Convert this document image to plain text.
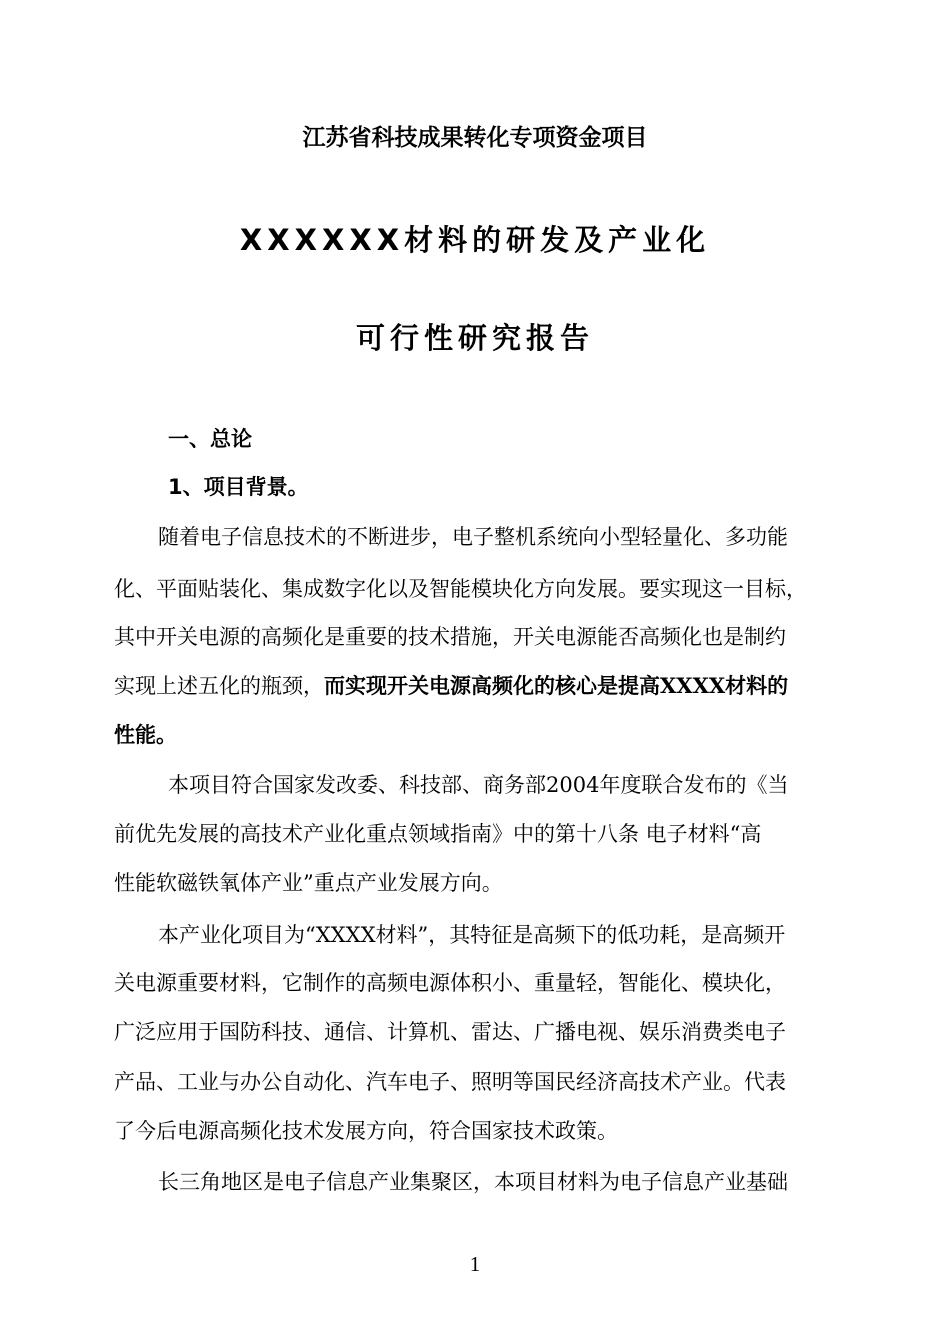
江苏省科技成果转化专项资金项目
XXXXXX材料的研发及产业化
可行性研究报告
一、总论
1、项目背景。
随着电子信息技术的不断进步，电子整机系统向小型轻量化、多功能
化、平面贴装化、集成数字化以及智能模块化方向发展。要实现这一目标，
其中开关电源的高频化是重要的技术措施，开关电源能否高频化也是制约
实现上述五化的瓶颈，而实现开关电源高频化的核心是提高XXXX材料的
性能。
本项目符合国家发改委、科技部、商务部2004年度联合发布的《当
前优先发展的高技术产业化重点领域指南》中的第十八条 电子材料“高
性能软磁铁氧体产业”重点产业发展方向。
本产业化项目为“XXXX材料”，其特征是高频下的低功耗，是高频开
关电源重要材料，它制作的高频电源体积小、重量轻，智能化、模块化，
广泛应用于国防科技、通信、计算机、雷达、广播电视、娱乐消费类电子
产品、工业与办公自动化、汽车电子、照明等国民经济高技术产业。代表
了今后电源高频化技术发展方向，符合国家技术政策。
长三角地区是电子信息产业集聚区，本项目材料为电子信息产业基础
1
